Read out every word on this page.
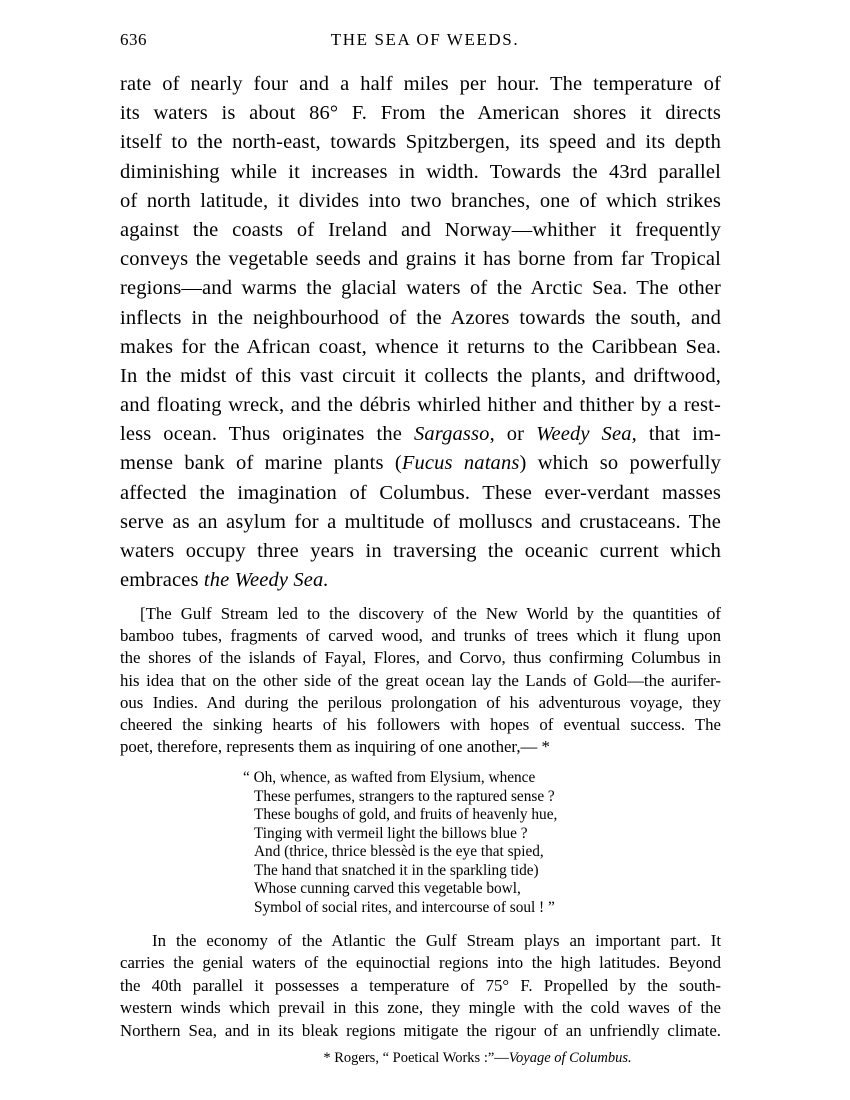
636	THE SEA OF WEEDS.
rate of nearly four and a half miles per hour. The temperature of
its waters is about 86° F. From the American shores it directs
itself to the north-east, towards Spitzbergen, its speed and its depth
diminishing while it increases in width. Towards the 43rd parallel
of north latitude, it divides into two branches, one of which strikes
against the coasts of Ireland and Norway—whither it frequently
conveys the vegetable seeds and grains it has borne from far Tropical
regions—and warms the glacial waters of the Arctic Sea. The other
inflects in the neighbourhood of the Azores towards the south, and
makes for the African coast, whence it returns to the Caribbean Sea.
In the midst of this vast circuit it collects the plants, and driftwood,
and floating wreck, and the débris whirled hither and thither by a rest-
less ocean. Thus originates the Sargasso, or Weedy Sea, that im-
mense bank of marine plants (Fucus natans) which so powerfully
affected the imagination of Columbus. These ever-verdant masses
serve as an asylum for a multitude of molluscs and crustaceans. The
waters occupy three years in traversing the oceanic current which
embraces the Weedy Sea.
[The Gulf Stream led to the discovery of the New World by the quantities of
bamboo tubes, fragments of carved wood, and trunks of trees which it flung upon
the shores of the islands of Fayal, Flores, and Corvo, thus confirming Columbus in
his idea that on the other side of the great ocean lay the Lands of Gold—the aurifer-
ous Indies. And during the perilous prolongation of his adventurous voyage, they
cheered the sinking hearts of his followers with hopes of eventual success. The
poet, therefore, represents them as inquiring of one another,— *
“ Oh, whence, as wafted from Elysium, whence
These perfumes, strangers to the raptured sense ?
These boughs of gold, and fruits of heavenly hue,
Tinging with vermeil light the billows blue ?
And (thrice, thrice blessèd is the eye that spied,
The hand that snatched it in the sparkling tide)
Whose cunning carved this vegetable bowl,
Symbol of social rites, and intercourse of soul ! ”
In the economy of the Atlantic the Gulf Stream plays an important part. It
carries the genial waters of the equinoctial regions into the high latitudes. Beyond
the 40th parallel it possesses a temperature of 75° F. Propelled by the south-
western winds which prevail in this zone, they mingle with the cold waves of the
Northern Sea, and in its bleak regions mitigate the rigour of an unfriendly climate.
* Rogers, “ Poetical Works :”—Voyage of Columbus.
